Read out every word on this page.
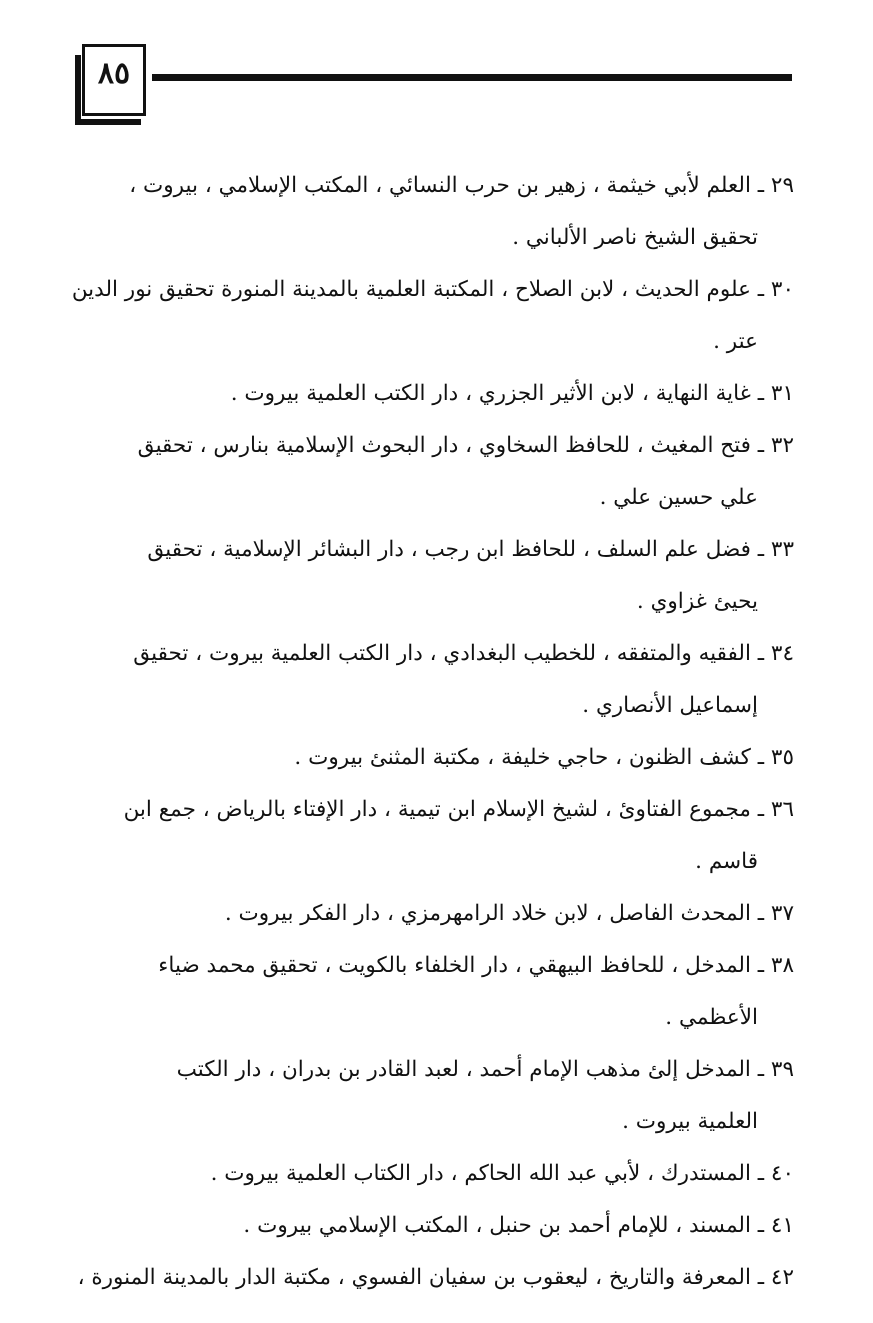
٨٥
٢٩ ـ العلم لأبي خيثمة ، زهير بن حرب النسائي ، المكتب الإسلامي ، بيروت ،
تحقيق الشيخ ناصر الألباني .
٣٠ ـ علوم الحديث ، لابن الصلاح ، المكتبة العلمية بالمدينة المنورة تحقيق نور الدين
عتر .
٣١ ـ غاية النهاية ، لابن الأثير الجزري ، دار الكتب العلمية بيروت .
٣٢ ـ فتح المغيث ، للحافظ السخاوي ، دار البحوث الإسلامية بنارس ، تحقيق
علي حسين علي .
٣٣ ـ فضل علم السلف ، للحافظ ابن رجب ، دار البشائر الإسلامية ، تحقيق
يحيئ غزاوي .
٣٤ ـ الفقيه والمتفقه ، للخطيب البغدادي ، دار الكتب العلمية بيروت ، تحقيق
إسماعيل الأنصاري .
٣٥ ـ كشف الظنون ، حاجي خليفة ، مكتبة المثنئ بيروت .
٣٦ ـ مجموع الفتاوئ ، لشيخ الإسلام ابن تيمية ، دار الإفتاء بالرياض ، جمع ابن
قاسم .
٣٧ ـ المحدث الفاصل ، لابن خلاد الرامهرمزي ، دار الفكر بيروت .
٣٨ ـ المدخل ، للحافظ البيهقي ، دار الخلفاء بالكويت ، تحقيق محمد ضياء
الأعظمي .
٣٩ ـ المدخل إلئ مذهب الإمام أحمد ، لعبد القادر بن بدران ، دار الكتب
العلمية بيروت .
٤٠ ـ المستدرك ، لأبي عبد الله الحاكم ، دار الكتاب العلمية بيروت .
٤١ ـ المسند ، للإمام أحمد بن حنبل ، المكتب الإسلامي بيروت .
٤٢ ـ المعرفة والتاريخ ، ليعقوب بن سفيان الفسوي ، مكتبة الدار بالمدينة المنورة ،
